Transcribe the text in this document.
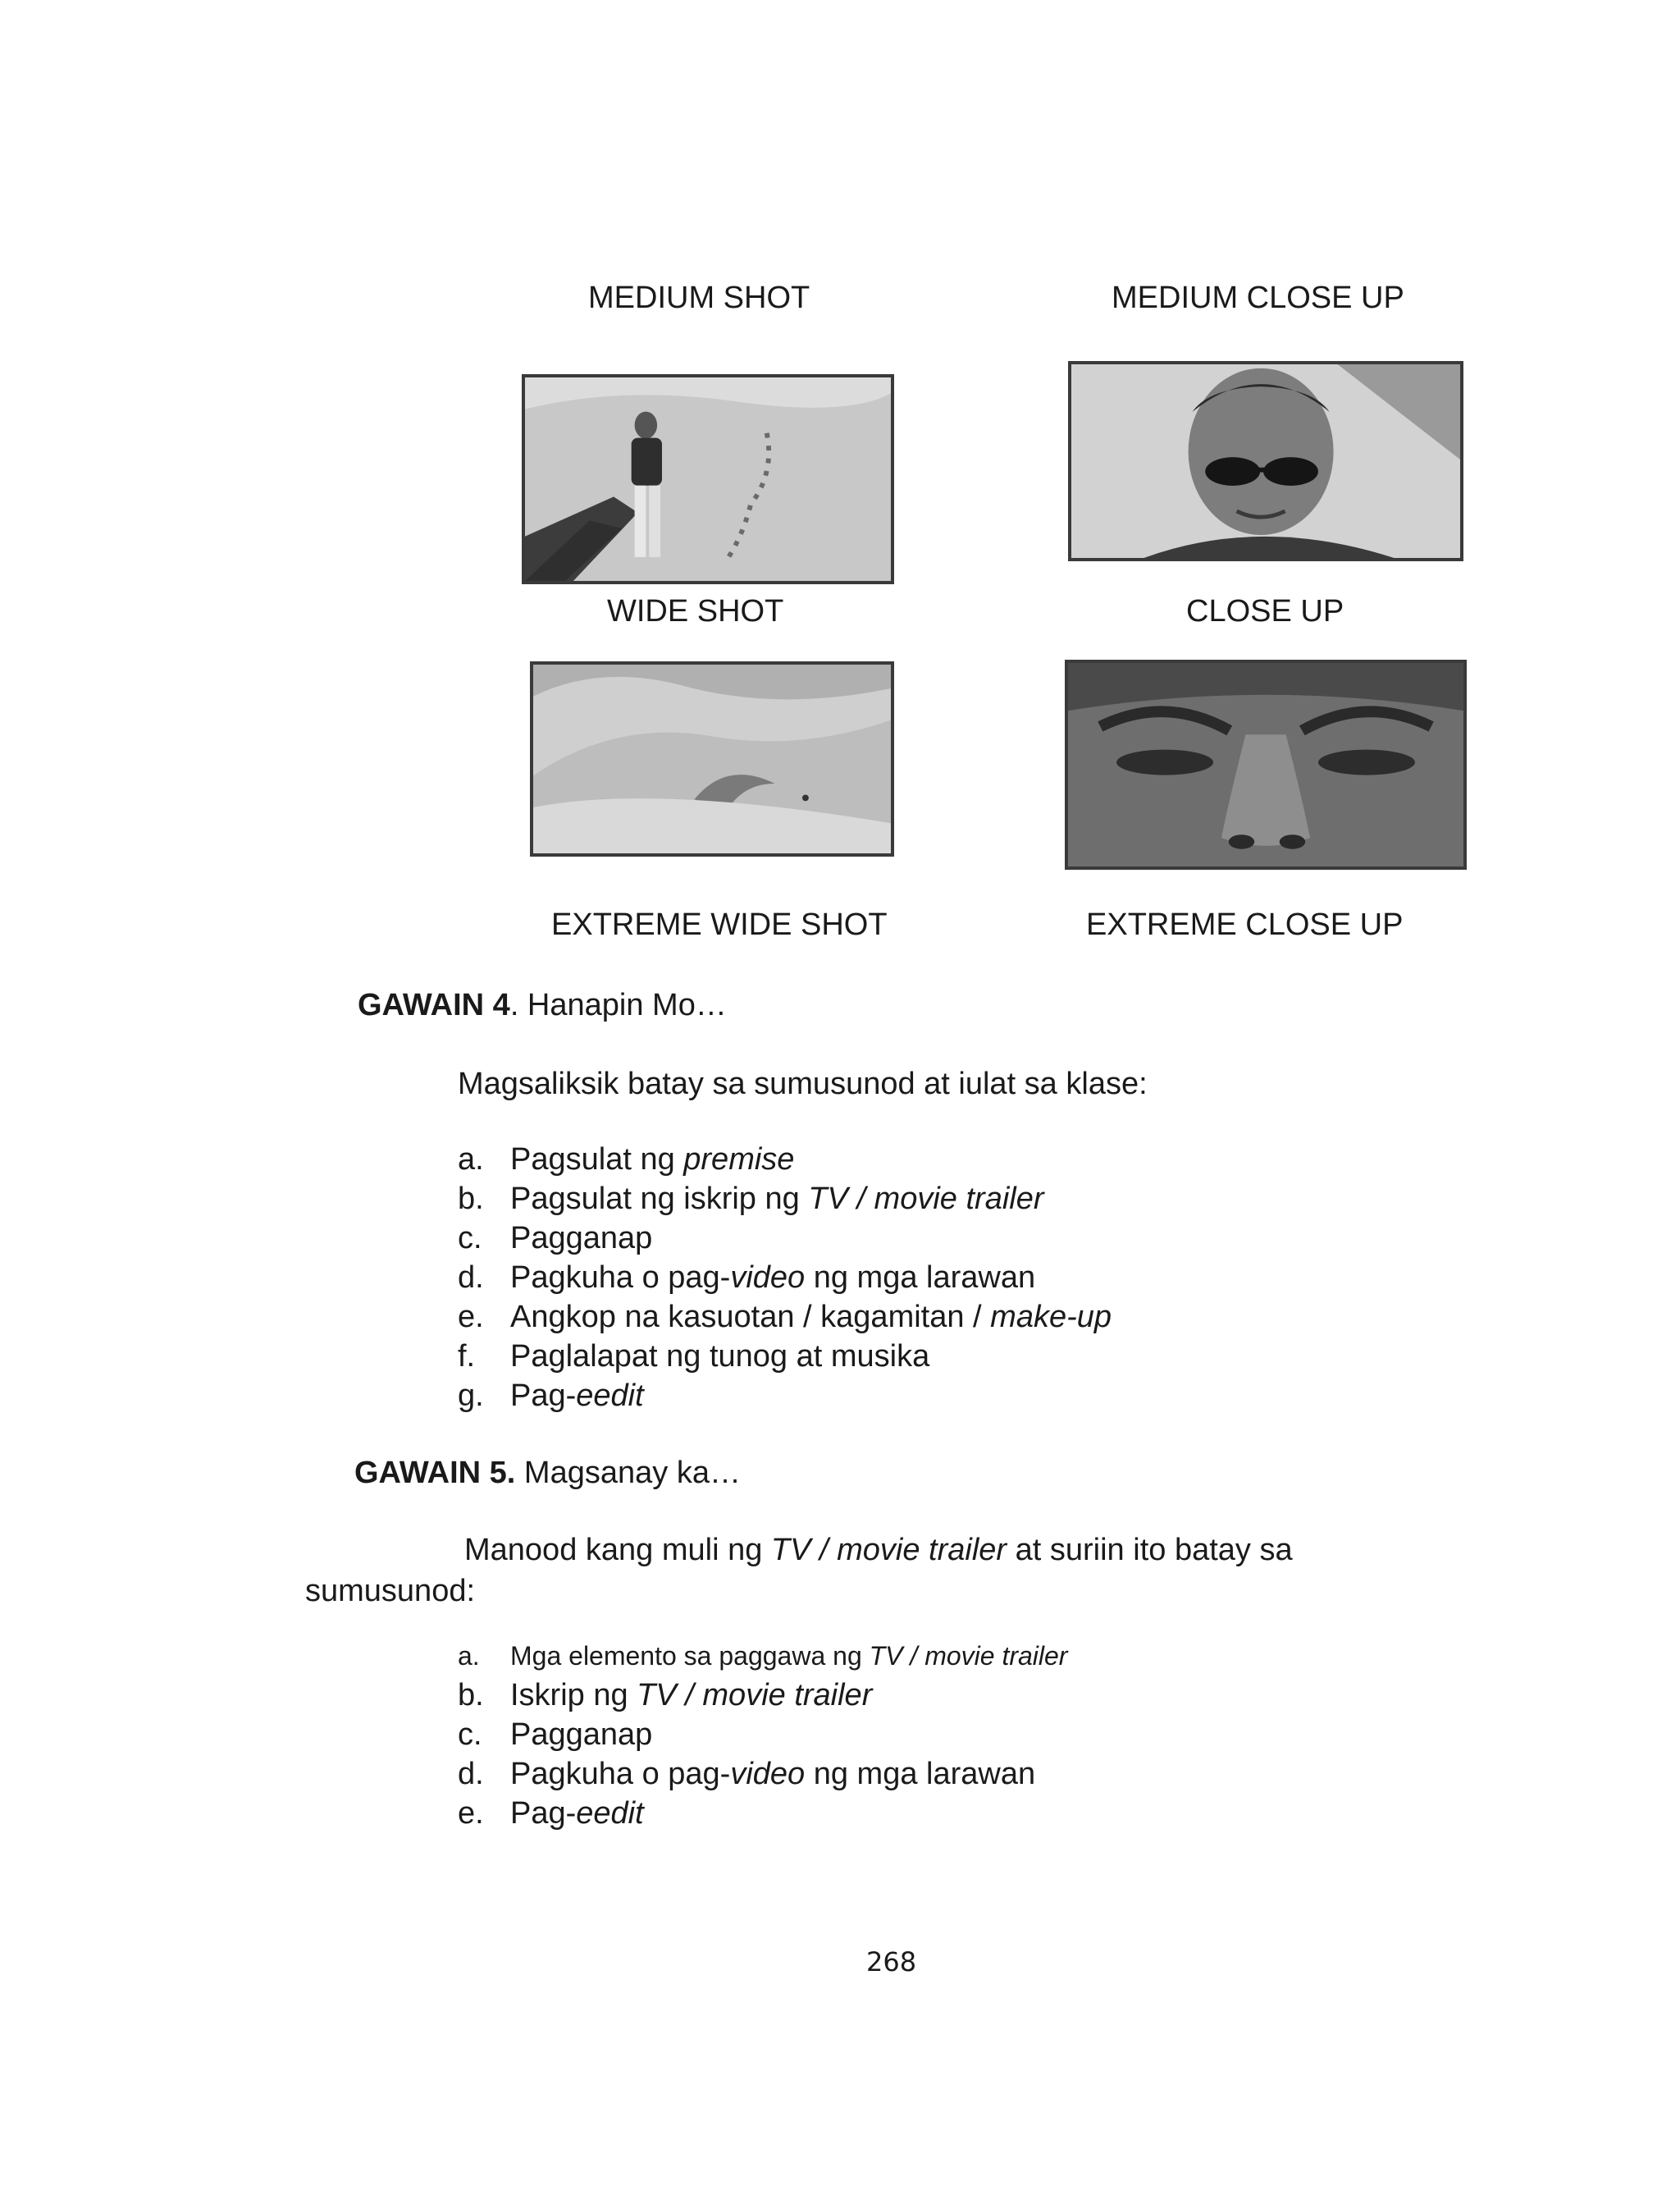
MEDIUM SHOT	MEDIUM CLOSE UP
WIDE SHOT	CLOSE UP
EXTREME WIDE SHOT	EXTREME CLOSE UP
GAWAIN 4. Hanapin Mo…
Magsaliksik batay sa sumusunod at iulat sa klase:
a. Pagsulat ng premise
b. Pagsulat ng iskrip ng TV / movie trailer
c. Pagganap
d. Pagkuha o pag-video ng mga larawan
e. Angkop na kasuotan / kagamitan / make-up
f.	Paglalapat ng tunog at musika
g. Pag-eedit
GAWAIN 5. Magsanay ka…
Manood kang muli ng TV / movie trailer at suriin ito batay sa
sumusunod:
a.	Mga elemento sa paggawa ng TV / movie trailer
b. Iskrip ng TV / movie trailer
c. Pagganap
d. Pagkuha o pag-video ng mga larawan
e. Pag-eedit
268
